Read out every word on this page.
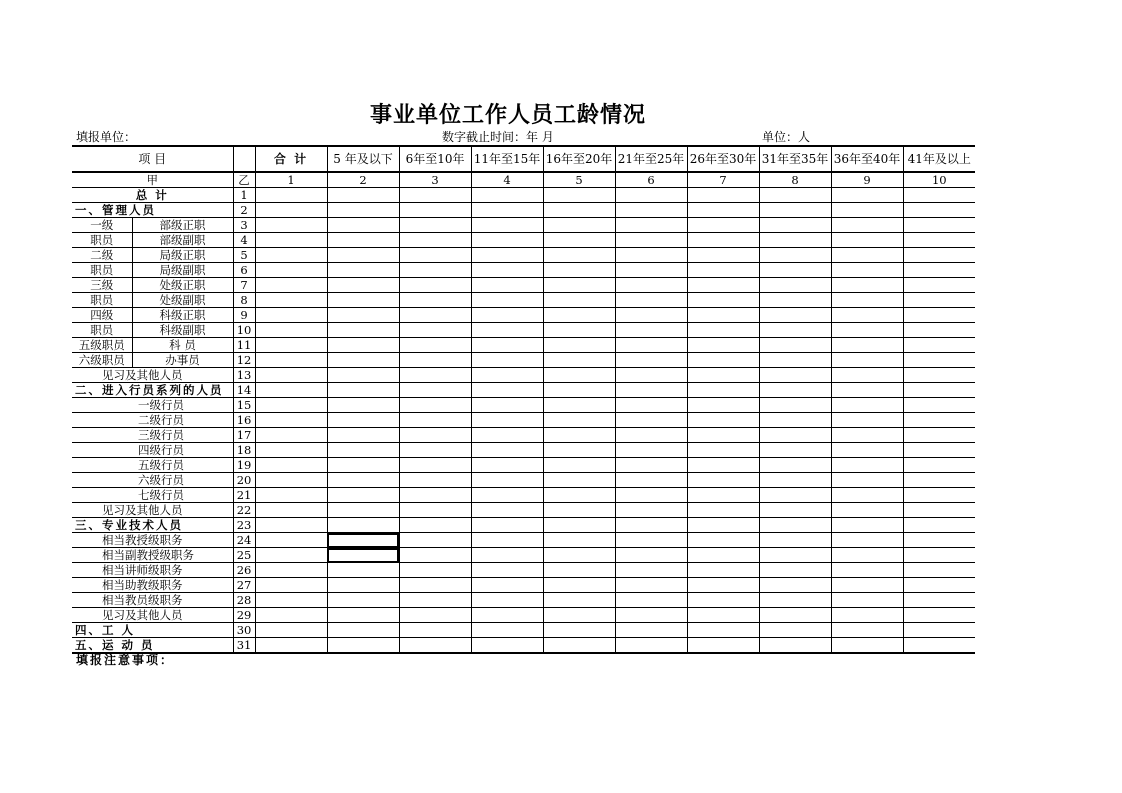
事业单位工作人员工龄情况
填报单位：	数字截止时间：年 月	单位：人
项 目			合 计	5 年及以下	6年至10年	11年至15年	16年至20年	21年至25年	26年至30年	31年至35年	36年至40年	41年及以上
甲		乙	1	2	3	4	5	6	7	8	9	10
总 计		1										
一、管理人员		2										
一级	部级正职	3										
职员	部级副职	4										
二级	局级正职	5										
职员	局级副职	6										
三级	处级正职	7										
职员	处级副职	8										
四级	科级正职	9										
职员	科级副职	10										
五级职员	科 员	11										
六级职员	办事员	12										
见习及其他人员		13										
二、进入行员系列的人员		14										
一级行员		15										
二级行员		16										
三级行员		17										
四级行员		18										
五级行员		19										
六级行员		20										
七级行员		21										
见习及其他人员		22										
三、专业技术人员		23										
相当教授级职务		24										
相当副教授级职务		25										
相当讲师级职务		26										
相当助教级职务		27										
相当教员级职务		28										
见习及其他人员		29										
四、工 人		30										
五、运 动 员		31										
填报注意事项：
